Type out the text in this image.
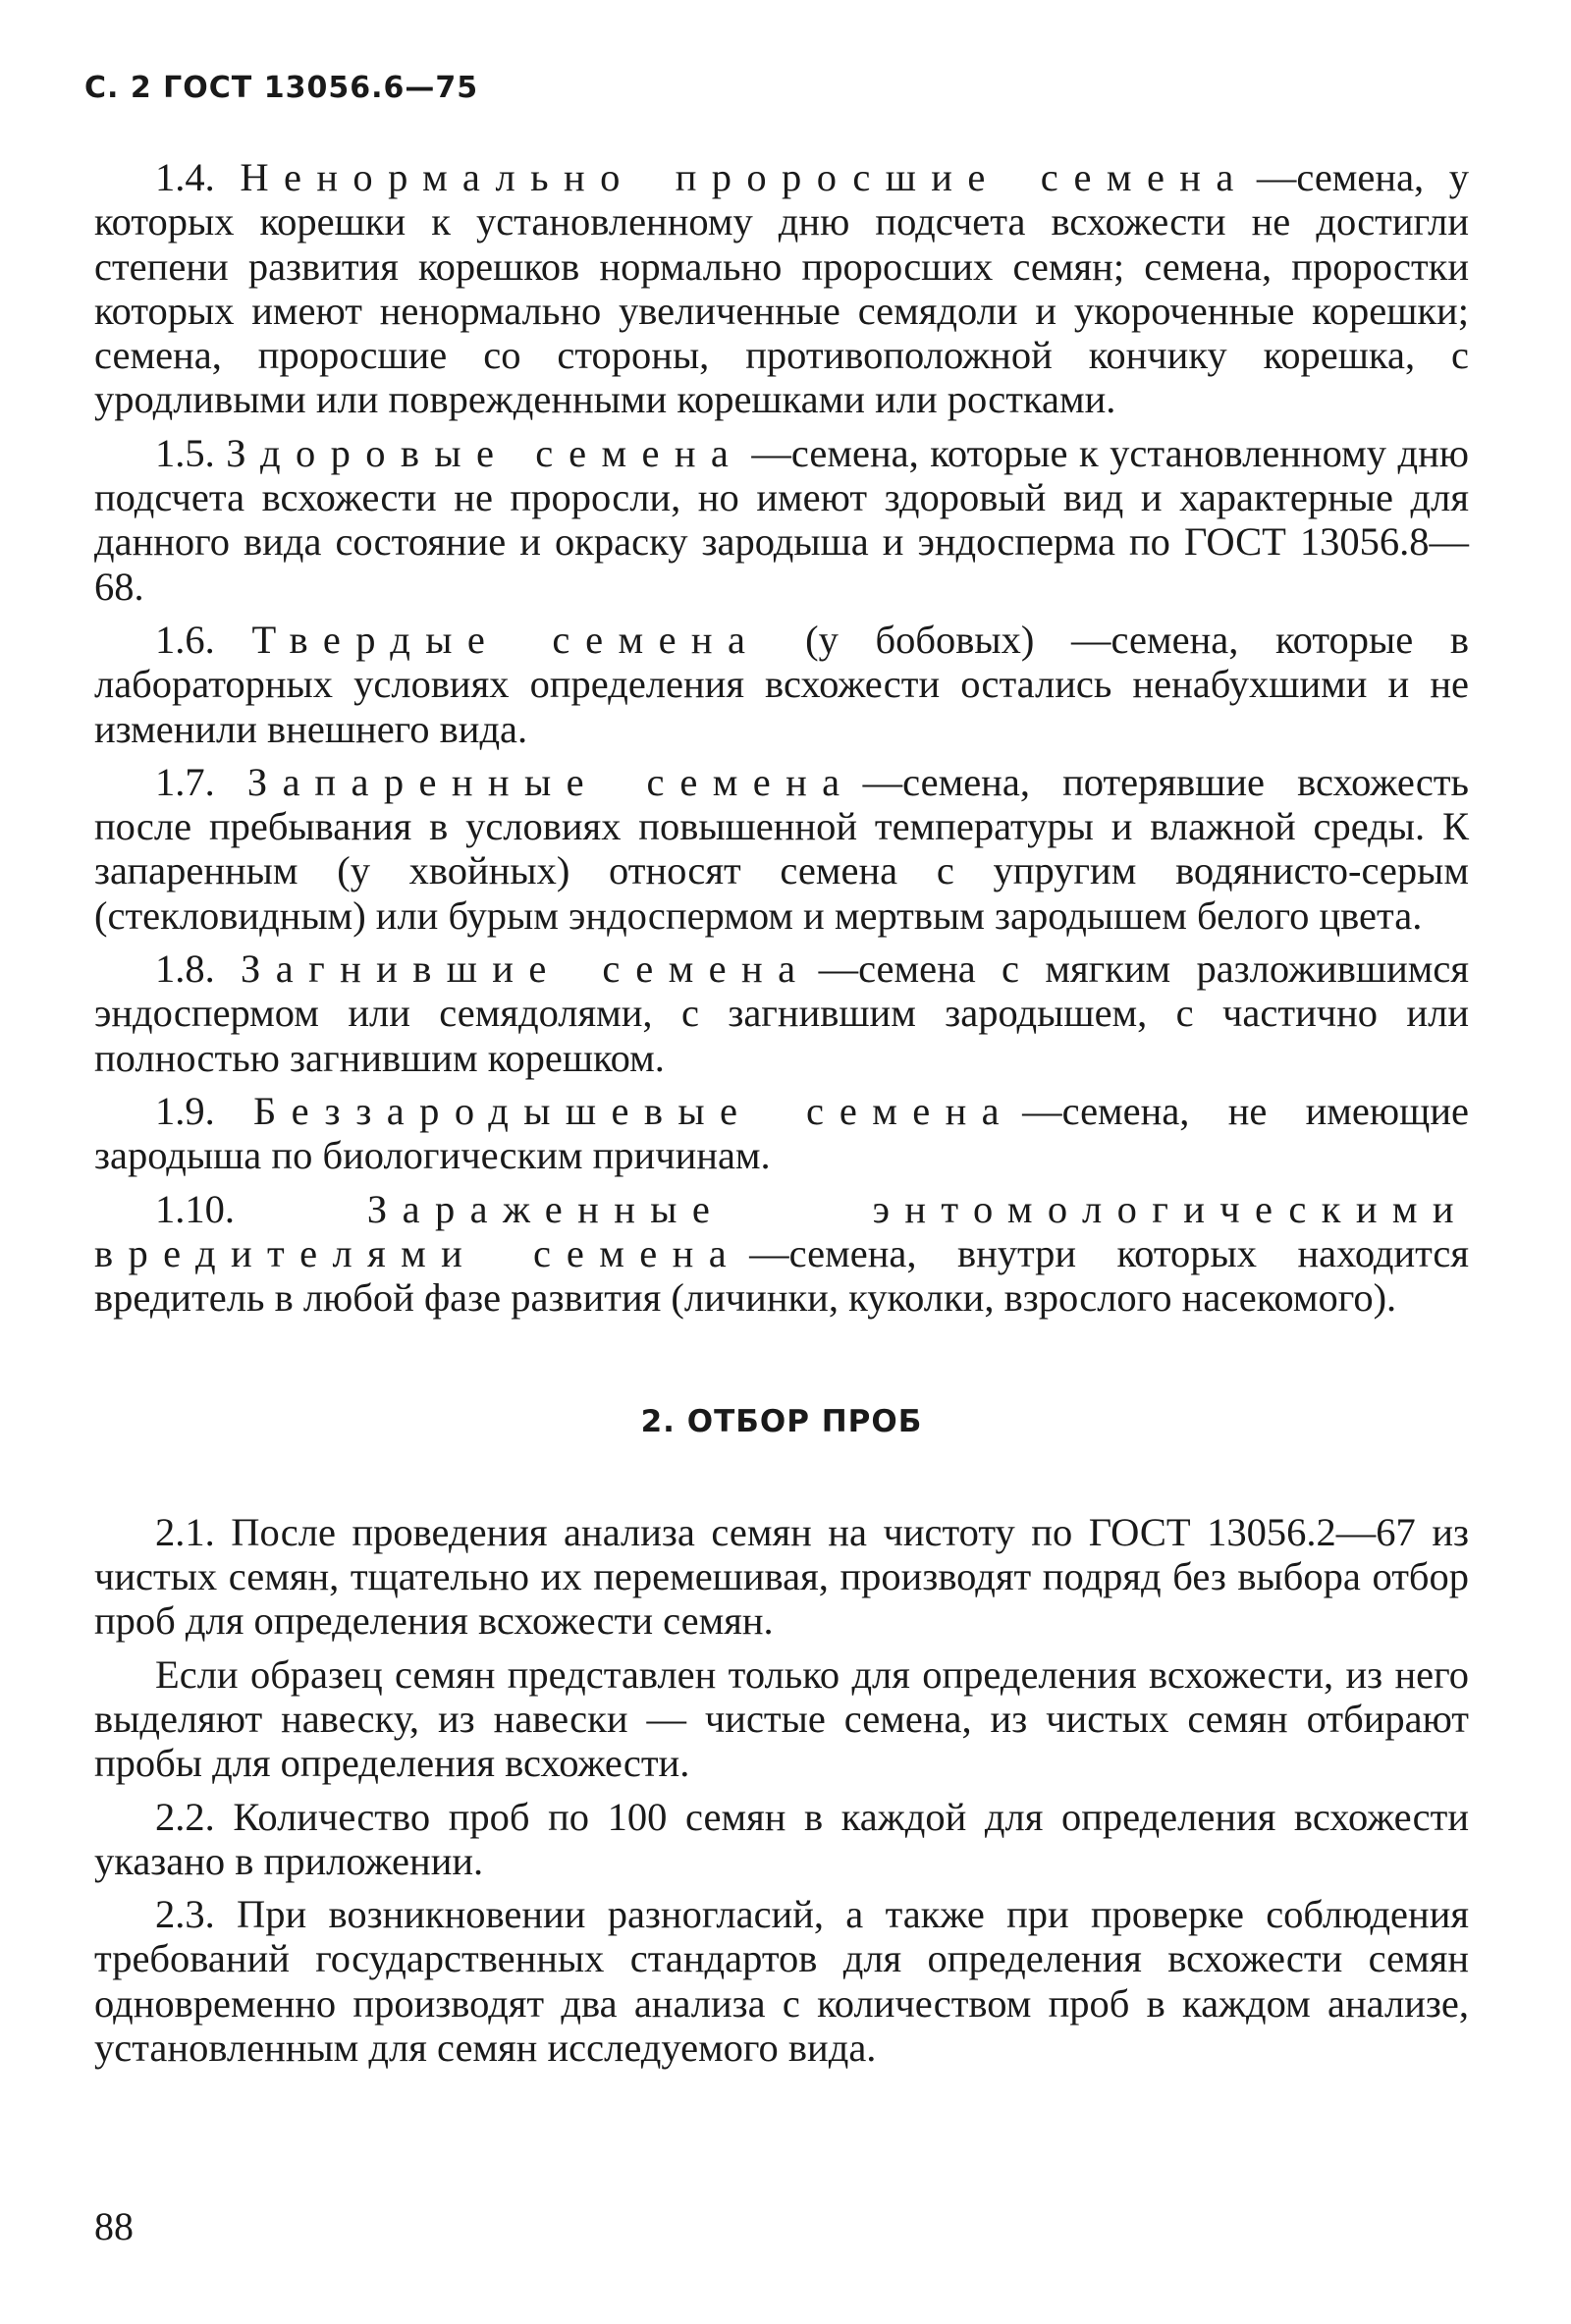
С. 2 ГОСТ 13056.6—75

1.4. Ненормально проросшие семена —семена, у которых корешки к установленному дню подсчета всхожести не достигли степени развития корешков нормально проросших семян; семена, проростки которых имеют ненормально увеличенные семядоли и укороченные корешки; семена, проросшие со стороны, противоположной кончику корешка, с уродливыми или поврежденными корешками или ростками.

1.5. Здоровые семена —семена, которые к установленному дню подсчета всхожести не проросли, но имеют здоровый вид и характерные для данного вида состояние и окраску зародыша и эндосперма по ГОСТ 13056.8—68.

1.6. Твердые семена (у бобовых) —семена, которые в лабораторных условиях определения всхожести остались ненабухшими и не изменили внешнего вида.

1.7. Запаренные семена —семена, потерявшие всхожесть после пребывания в условиях повышенной температуры и влажной среды. К запаренным (у хвойных) относят семена с упругим водянисто-серым (стекловидным) или бурым эндоспермом и мертвым зародышем белого цвета.

1.8. Загнившие семена —семена с мягким разложившимся эндоспермом или семядолями, с загнившим зародышем, с частично или полностью загнившим корешком.

1.9. Беззародышевые семена —семена, не имеющие зародыша по биологическим причинам.

1.10.	Зараженные энтомологическими вредителями семена —семена, внутри которых находится вредитель в любой фазе развития (личинки, куколки, взрослого насекомого).

2. ОТБОР ПРОБ

2.1. После проведения анализа семян на чистоту по ГОСТ 13056.2—67 из чистых семян, тщательно их перемешивая, производят подряд без выбора отбор проб для определения всхожести семян.

Если образец семян представлен только для определения всхожести, из него выделяют навеску, из навески — чистые семена, из чистых семян отбирают пробы для определения всхожести.

2.2. Количество проб по 100 семян в каждой для определения всхожести указано в приложении.

2.3. При возникновении разногласий, а также при проверке соблюдения требований государственных стандартов для определения всхожести семян одновременно производят два анализа с количеством проб в каждом анализе, установленным для семян исследуемого вида.

88
